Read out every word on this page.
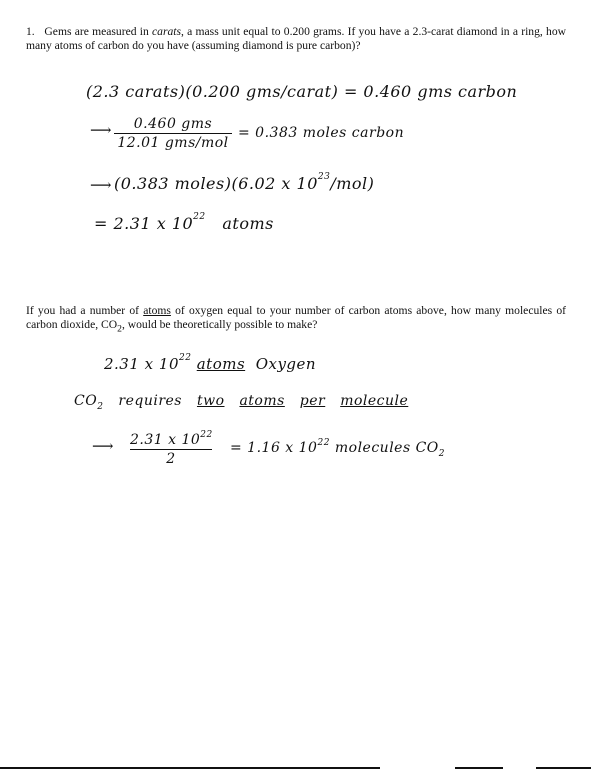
1. Gems are measured in carats, a mass unit equal to 0.200 grams. If you have a 2.3-carat diamond in a ring, how many atoms of carbon do you have (assuming diamond is pure carbon)?
(2.3 carats)(0.200 gms/carat) = 0.460 gms carbon
⟶	0.460 gms
12.01 gms/mol
= 0.383 moles carbon
⟶ (0.383 moles)(6.02 x $10^{23}/mol$)
= 2.31 x $10^{22}$ atoms
If you had a number of atoms of oxygen equal to your number of carbon atoms above, how many molecules of carbon dioxide, $CO_2$, would be theoretically possible to make?
2.31 x $10^{22}$ atoms Oxygen
$CO_2$ requires two atoms per molecule
⟶ 2.31 x $10^{22}$
2
= 1.16 x $10^{22}$ molecules $CO_2$
